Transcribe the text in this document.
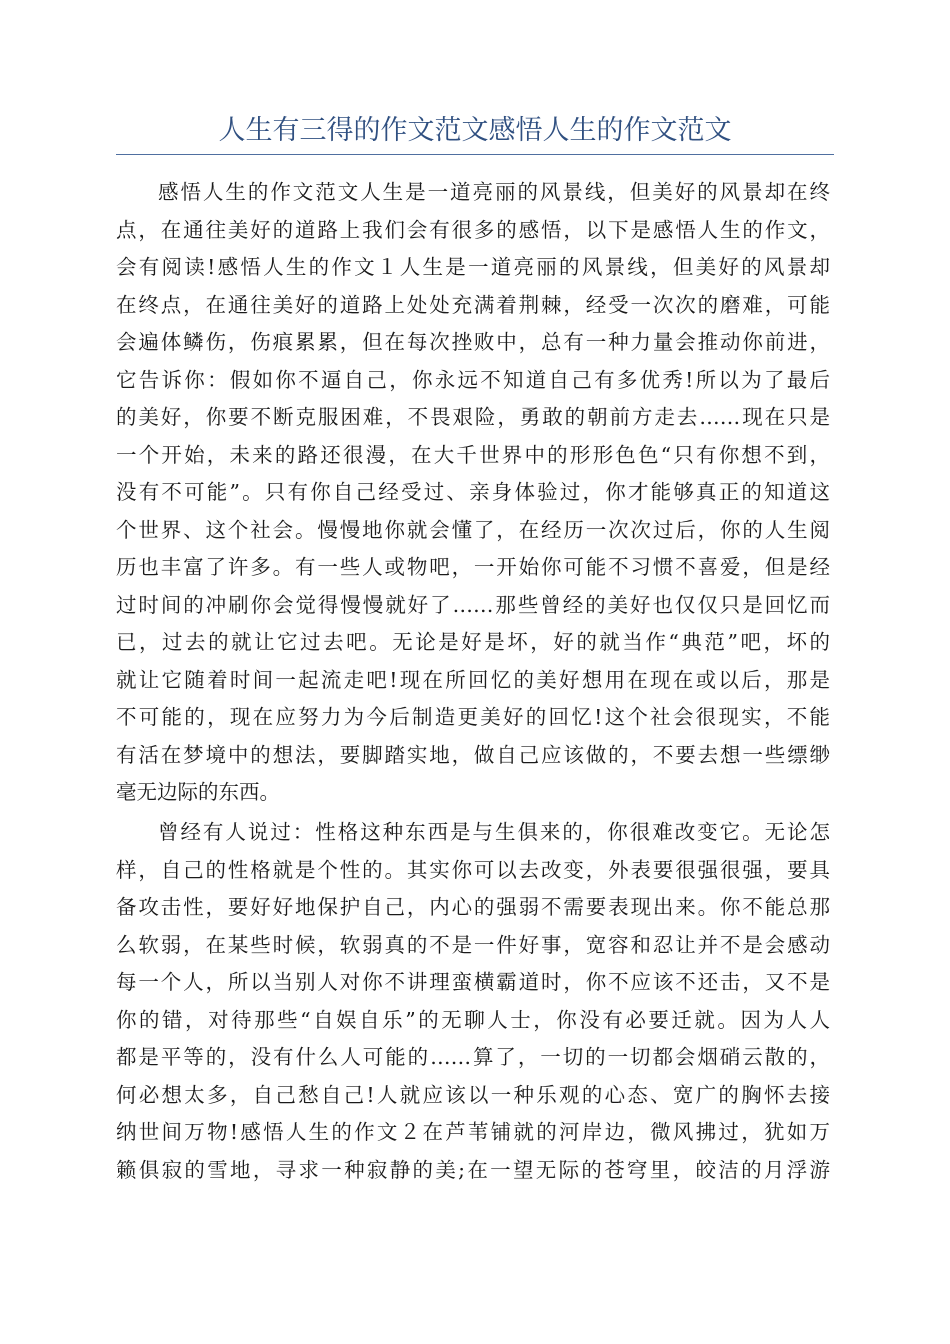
人生有三得的作文范文感悟人生的作文范文
感悟人生的作文范文人生是一道亮丽的风景线，但美好的风景却在终
点，在通往美好的道路上我们会有很多的感悟，以下是感悟人生的作文，
会有阅读!感悟人生的作文１人生是一道亮丽的风景线，但美好的风景却
在终点，在通往美好的道路上处处充满着荆棘，经受一次次的磨难，可能
会遍体鳞伤，伤痕累累，但在每次挫败中，总有一种力量会推动你前进，
它告诉你：假如你不逼自己，你永远不知道自己有多优秀!所以为了最后
的美好，你要不断克服困难，不畏艰险，勇敢的朝前方走去……现在只是
一个开始，未来的路还很漫，在大千世界中的形形色色“只有你想不到，
没有不可能”。只有你自己经受过、亲身体验过，你才能够真正的知道这
个世界、这个社会。慢慢地你就会懂了，在经历一次次过后，你的人生阅
历也丰富了许多。有一些人或物吧，一开始你可能不习惯不喜爱，但是经
过时间的冲刷你会觉得慢慢就好了……那些曾经的美好也仅仅只是回忆而
已，过去的就让它过去吧。无论是好是坏，好的就当作“典范”吧，坏的
就让它随着时间一起流走吧!现在所回忆的美好想用在现在或以后，那是
不可能的，现在应努力为今后制造更美好的回忆!这个社会很现实，不能
有活在梦境中的想法，要脚踏实地，做自己应该做的，不要去想一些缥缈
毫无边际的东西。
曾经有人说过：性格这种东西是与生俱来的，你很难改变它。无论怎
样，自己的性格就是个性的。其实你可以去改变，外表要很强很强，要具
备攻击性，要好好地保护自己，内心的强弱不需要表现出来。你不能总那
么软弱，在某些时候，软弱真的不是一件好事，宽容和忍让并不是会感动
每一个人，所以当别人对你不讲理蛮横霸道时，你不应该不还击，又不是
你的错，对待那些“自娱自乐”的无聊人士，你没有必要迁就。因为人人
都是平等的，没有什么人可能的……算了，一切的一切都会烟硝云散的，
何必想太多，自己愁自己!人就应该以一种乐观的心态、宽广的胸怀去接
纳世间万物!感悟人生的作文２在芦苇铺就的河岸边，微风拂过，犹如万
籁俱寂的雪地，寻求一种寂静的美;在一望无际的苍穹里，皎洁的月浮游
